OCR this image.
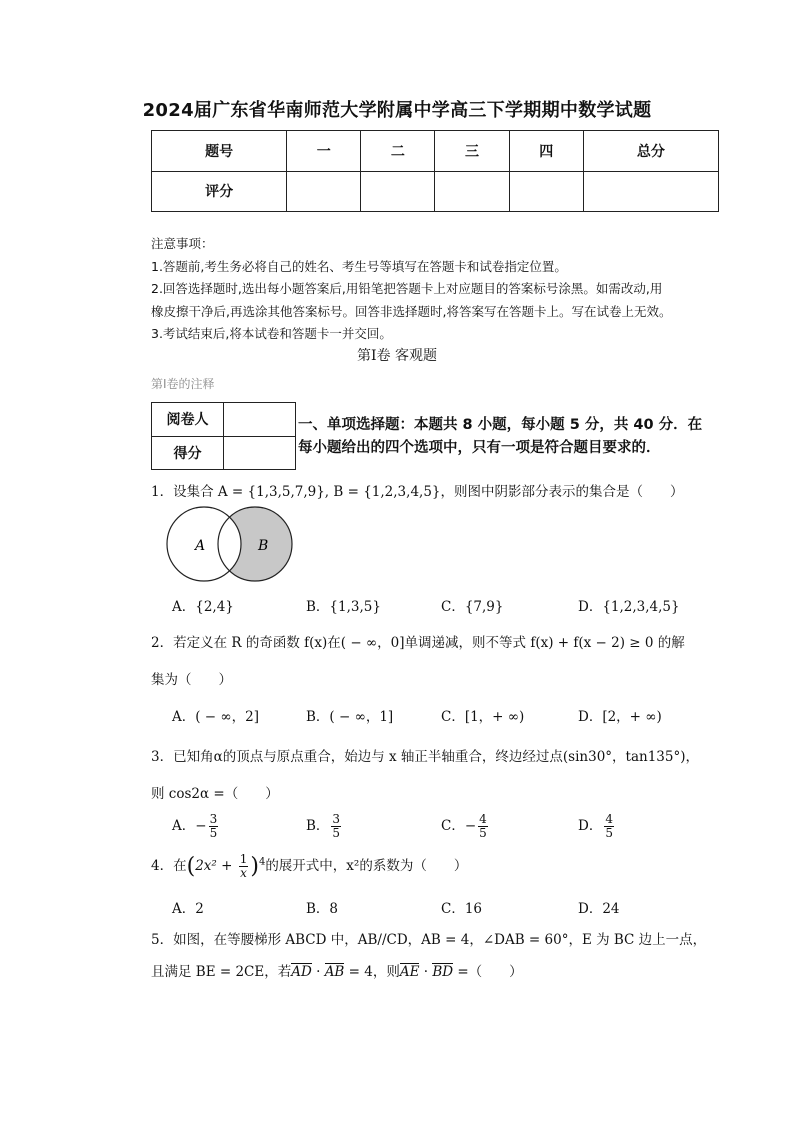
2024届广东省华南师范大学附属中学高三下学期期中数学试题
题号	一	二	三	四	总分
评分					
注意事项：
1.答题前,考生务必将自己的姓名、考生号等填写在答题卡和试卷指定位置。
2.回答选择题时,选出每小题答案后,用铅笔把答题卡上对应题目的答案标号涂黑。如需改动,用
橡皮擦干净后,再选涂其他答案标号。回答非选择题时,将答案写在答题卡上。写在试卷上无效。
3.考试结束后,将本试卷和答题卡一并交回。
第Ⅰ卷 客观题
第Ⅰ卷的注释
阅卷人	
得分	
一、单项选择题：本题共 8 小题，每小题 5 分，共 40 分．在
每小题给出的四个选项中，只有一项是符合题目要求的．
1．设集合 A = {1,3,5,7,9}, B = {1,2,3,4,5}，则图中阴影部分表示的集合是（　　）
A	B
A．{2,4}	B．{1,3,5}	C．{7,9}	D．{1,2,3,4,5}
2．若定义在 R 的奇函数 f(x)在( − ∞，0]单调递减，则不等式 f(x) + f(x − 2) ≥ 0 的解
集为（　　）
A．( − ∞，2]	B．( − ∞，1]	C．[1，+ ∞)	D．[2，+ ∞)
3．已知角α的顶点与原点重合，始边与 x 轴正半轴重合，终边经过点(sin30°，tan135°)，
则 cos2α =（　　）
A．− $\frac{3}{5}$	B． $\frac{3}{5}$	C．− $\frac{4}{5}$	D． $\frac{4}{5}$
4．在$(2x^2 + \frac{1}{x} )^4$的展开式中，x²的系数为（　　）
A．2	B．8	C．16	D．24
5．如图，在等腰梯形 ABCD 中，AB//CD，AB = 4，∠DAB = 60°，E 为 BC 边上一点，
且满足 BE = 2CE，若AD · AB = 4，则AE · BD =（　　）
